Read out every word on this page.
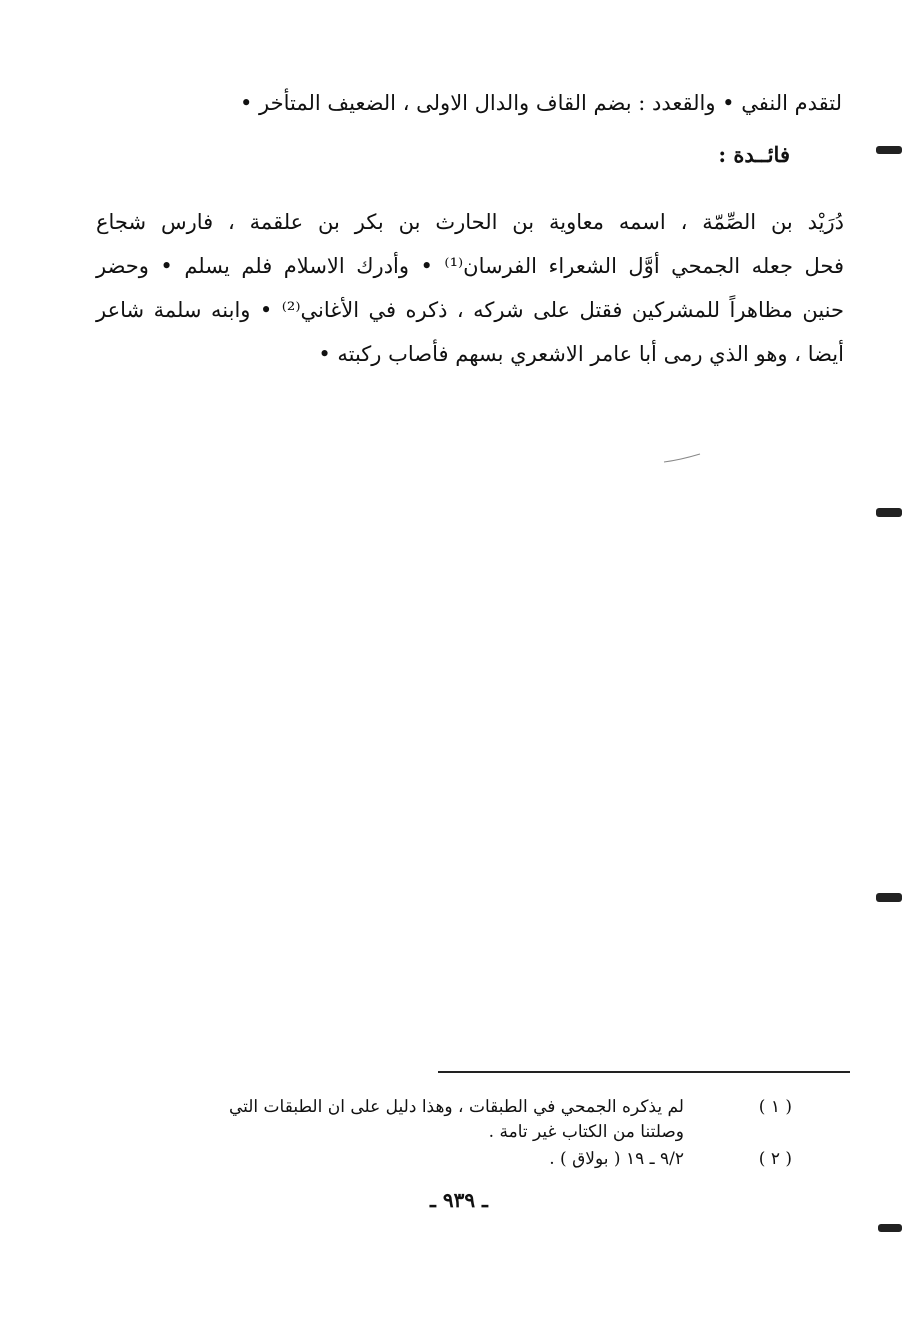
لتقدم النفي • والقعدد : بضم القاف والدال الاولى ، الضعيف المتأخر •
فائــدة :
دُرَيْد بن الصِّمّة ، اسمه معاوية بن الحارث بن بكر بن علقمة ، فارس شجاع
فحل جعله الجمحي أوَّل الشعراء الفرسان⁽¹⁾ • وأدرك الاسلام فلم يسلم • وحضر
حنين مظاهراً للمشركين فقتل على شركه ، ذكره في الأغاني⁽²⁾ • وابنه سلمة شاعر
أيضا ، وهو الذي رمى أبا عامر الاشعري بسهم فأصاب ركبته •
( ١ )
لم يذكره الجمحي في الطبقات ، وهذا دليل على ان الطبقات التي
وصلتنا من الكتاب غير تامة .
( ٢ )
٩/٢ ـ ١٩ ( بولاق ) .
ـ ٩٣٩ ـ
